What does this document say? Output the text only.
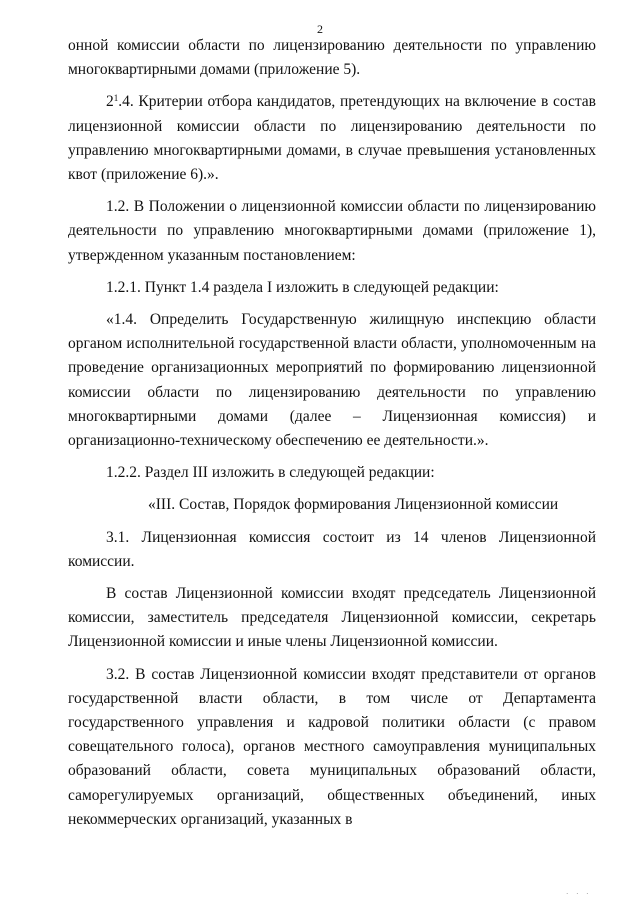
2

онной комиссии области по лицензированию деятельности по управлению многоквартирными домами (приложение 5).

$2^1.4$. Критерии отбора кандидатов, претендующих на включение в состав лицензионной комиссии области по лицензированию деятельности по управлению многоквартирными домами, в случае превышения установленных квот (приложение 6).».

1.2. В Положении о лицензионной комиссии области по лицензированию деятельности по управлению многоквартирными домами (приложение 1), утвержденном указанным постановлением:

1.2.1. Пункт 1.4 раздела I изложить в следующей редакции:

«1.4. Определить Государственную жилищную инспекцию области органом исполнительной государственной власти области, уполномоченным на проведение организационных мероприятий по формированию лицензионной комиссии области по лицензированию деятельности по управлению многоквартирными домами (далее – Лицензионная комиссия) и организационно-техническому обеспечению ее деятельности.».

1.2.2. Раздел III изложить в следующей редакции:

«III. Состав, Порядок формирования Лицензионной комиссии

3.1. Лицензионная комиссия состоит из 14 членов Лицензионной комиссии.

В состав Лицензионной комиссии входят председатель Лицензионной комиссии, заместитель председателя Лицензионной комиссии, секретарь Лицензионной комиссии и иные члены Лицензионной комиссии.

3.2. В состав Лицензионной комиссии входят представители от органов государственной власти области, в том числе от Департамента государственного управления и кадровой политики области (с правом совещательного голоса), органов местного самоуправления муниципальных образований области, совета муниципальных образований области, саморегулируемых организаций, общественных объединений, иных некоммерческих организаций, указанных в

· · ·
